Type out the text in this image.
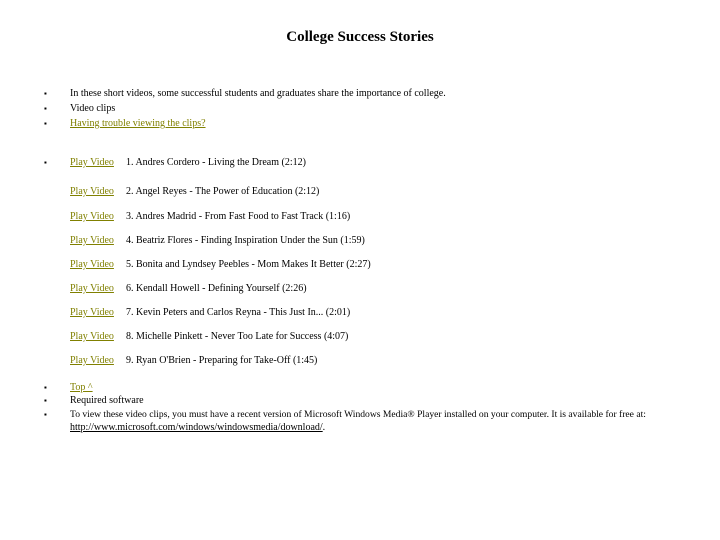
College Success Stories
▪ In these short videos, some successful students and graduates share the importance of college.
▪ Video clips
▪ Having trouble viewing the clips?
▪ Play Video 1. Andres Cordero - Living the Dream (2:12)
Play Video 2. Angel Reyes - The Power of Education (2:12)
Play Video 3. Andres Madrid - From Fast Food to Fast Track (1:16)
Play Video 4. Beatriz Flores - Finding Inspiration Under the Sun (1:59)
Play Video 5. Bonita and Lyndsey Peebles - Mom Makes It Better (2:27)
Play Video 6. Kendall Howell - Defining Yourself (2:26)
Play Video 7. Kevin Peters and Carlos Reyna - This Just In... (2:01)
Play Video 8. Michelle Pinkett - Never Too Late for Success (4:07)
Play Video 9. Ryan O'Brien - Preparing for Take-Off (1:45)
▪ Top ^
▪ Required software
▪ To view these video clips, you must have a recent version of Microsoft Windows Media® Player installed on your computer. It is available for free at:
http://www.microsoft.com/windows/windowsmedia/download/.
